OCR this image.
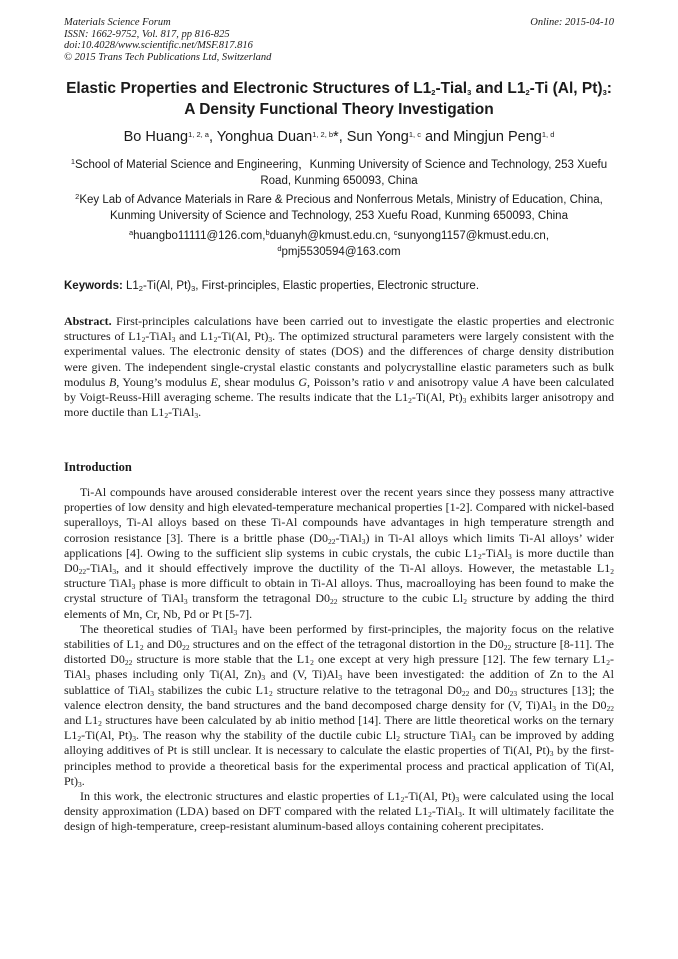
Materials Science Forum
ISSN: 1662-9752, Vol. 817, pp 816-825
doi:10.4028/www.scientific.net/MSF.817.816
© 2015 Trans Tech Publications Ltd, Switzerland
Online: 2015-04-10
Elastic Properties and Electronic Structures of $L1_2-Tial_3$ and $L1_2-Ti$ (Al, $Pt)_3$: A Density Functional Theory Investigation
Bo Huang$^{1, 2, a}$, Yonghua Duan$^{1, 2, b}$*, Sun Yong$^{1, c}$ and Mingjun Peng$^{1, d}$
$^1$School of Material Science and Engineering，Kunming University of Science and Technology, 253 Xuefu Road, Kunming 650093, China
$^2$Key Lab of Advance Materials in Rare & Precious and Nonferrous Metals, Ministry of Education, China, Kunming University of Science and Technology, 253 Xuefu Road, Kunming 650093, China
$^a$huangbo11111@126.com,$^b$duanyh@kmust.edu.cn, $^c$sunyong1157@kmust.edu.cn,
$^d$pmj5530594@163.com
Keywords: $L1_2-Ti(Al$, $Pt)_3$, First-principles, Elastic properties, Electronic structure.

Abstract. First-principles calculations have been carried out to investigate the elastic properties and electronic structures of $L1_2-TiAl_3$ and $L1_2-Ti(Al$, $Pt)_3$. The optimized structural parameters were largely consistent with the experimental values. The electronic density of states (DOS) and the differences of charge density distribution were given. The independent single-crystal elastic constants and polycrystalline elastic parameters such as bulk modulus B, Young’s modulus E, shear modulus G, Poisson’s ratio ν and anisotropy value A have been calculated by Voigt-Reuss-Hill averaging scheme. The results indicate that the $L1_2-Ti(Al$, $Pt)_3$ exhibits larger anisotropy and more ductile than $L1_2-TiAl_3$.

Introduction

Ti-Al compounds have aroused considerable interest over the recent years since they possess many attractive properties of low density and high elevated-temperature mechanical properties [1-2]. Compared with nickel-based superalloys, Ti-Al alloys based on these Ti-Al compounds have advantages in high temperature strength and corrosion resistance [3]. There is a brittle phase $(D0_{22}-TiAl_3)$ in Ti-Al alloys which limits Ti-Al alloys’ wider applications [4]. Owing to the sufficient slip systems in cubic crystals, the cubic $L1_2-TiAl_3$ is more ductile than $D0_{22}-TiAl_3$, and it should effectively improve the ductility of the Ti-Al alloys. However, the metastable $L1_2$ structure TiAl$_3$ phase is more difficult to obtain in Ti-Al alloys. Thus, macroalloying has been found to make the crystal structure of TiAl$_3$ transform the tetragonal $D0_{22}$ structure to the cubic $Ll_2$ structure by adding the third elements of Mn, Cr, Nb, Pd or Pt [5-7].

The theoretical studies of TiAl$_3$ have been performed by first-principles, the majority focus on the relative stabilities of $L1_2$ and $D0_{22}$ structures and on the effect of the tetragonal distortion in the $D0_{22}$ structure [8-11]. The distorted $D0_{22}$ structure is more stable that the $L1_2$ one except at very high pressure [12]. The few ternary $L1_2-TiAl_3$ phases including only Ti(Al, $Zn)_3$ and (V, $Ti)Al_3$ have been investigated: the addition of Zn to the Al sublattice of TiAl$_3$ stabilizes the cubic $L1_2$ structure relative to the tetragonal $D0_{22}$ and $D0_{23}$ structures [13]; the valence electron density, the band structures and the band decomposed charge density for (V, $Ti)Al_3$ in the $D0_{22}$ and $L1_2$ structures have been calculated by ab initio method [14]. There are little theoretical works on the ternary $L1_2-Ti(Al$, $Pt)_3$. The reason why the stability of the ductile cubic $Ll_2$ structure TiAl$_3$ can be improved by adding alloying additives of Pt is still unclear. It is necessary to calculate the elastic properties of Ti(Al, $Pt)_3$ by the first-principles method to provide a theoretical basis for the experimental process and practical application of Ti(Al, $Pt)_3$.

In this work, the electronic structures and elastic properties of $L1_2-Ti(Al$, $Pt)_3$ were calculated using the local density approximation (LDA) based on DFT compared with the related $L1_2-TiAl_3$. It will ultimately facilitate the design of high-temperature, creep-resistant aluminum-based alloys containing coherent precipitates.
